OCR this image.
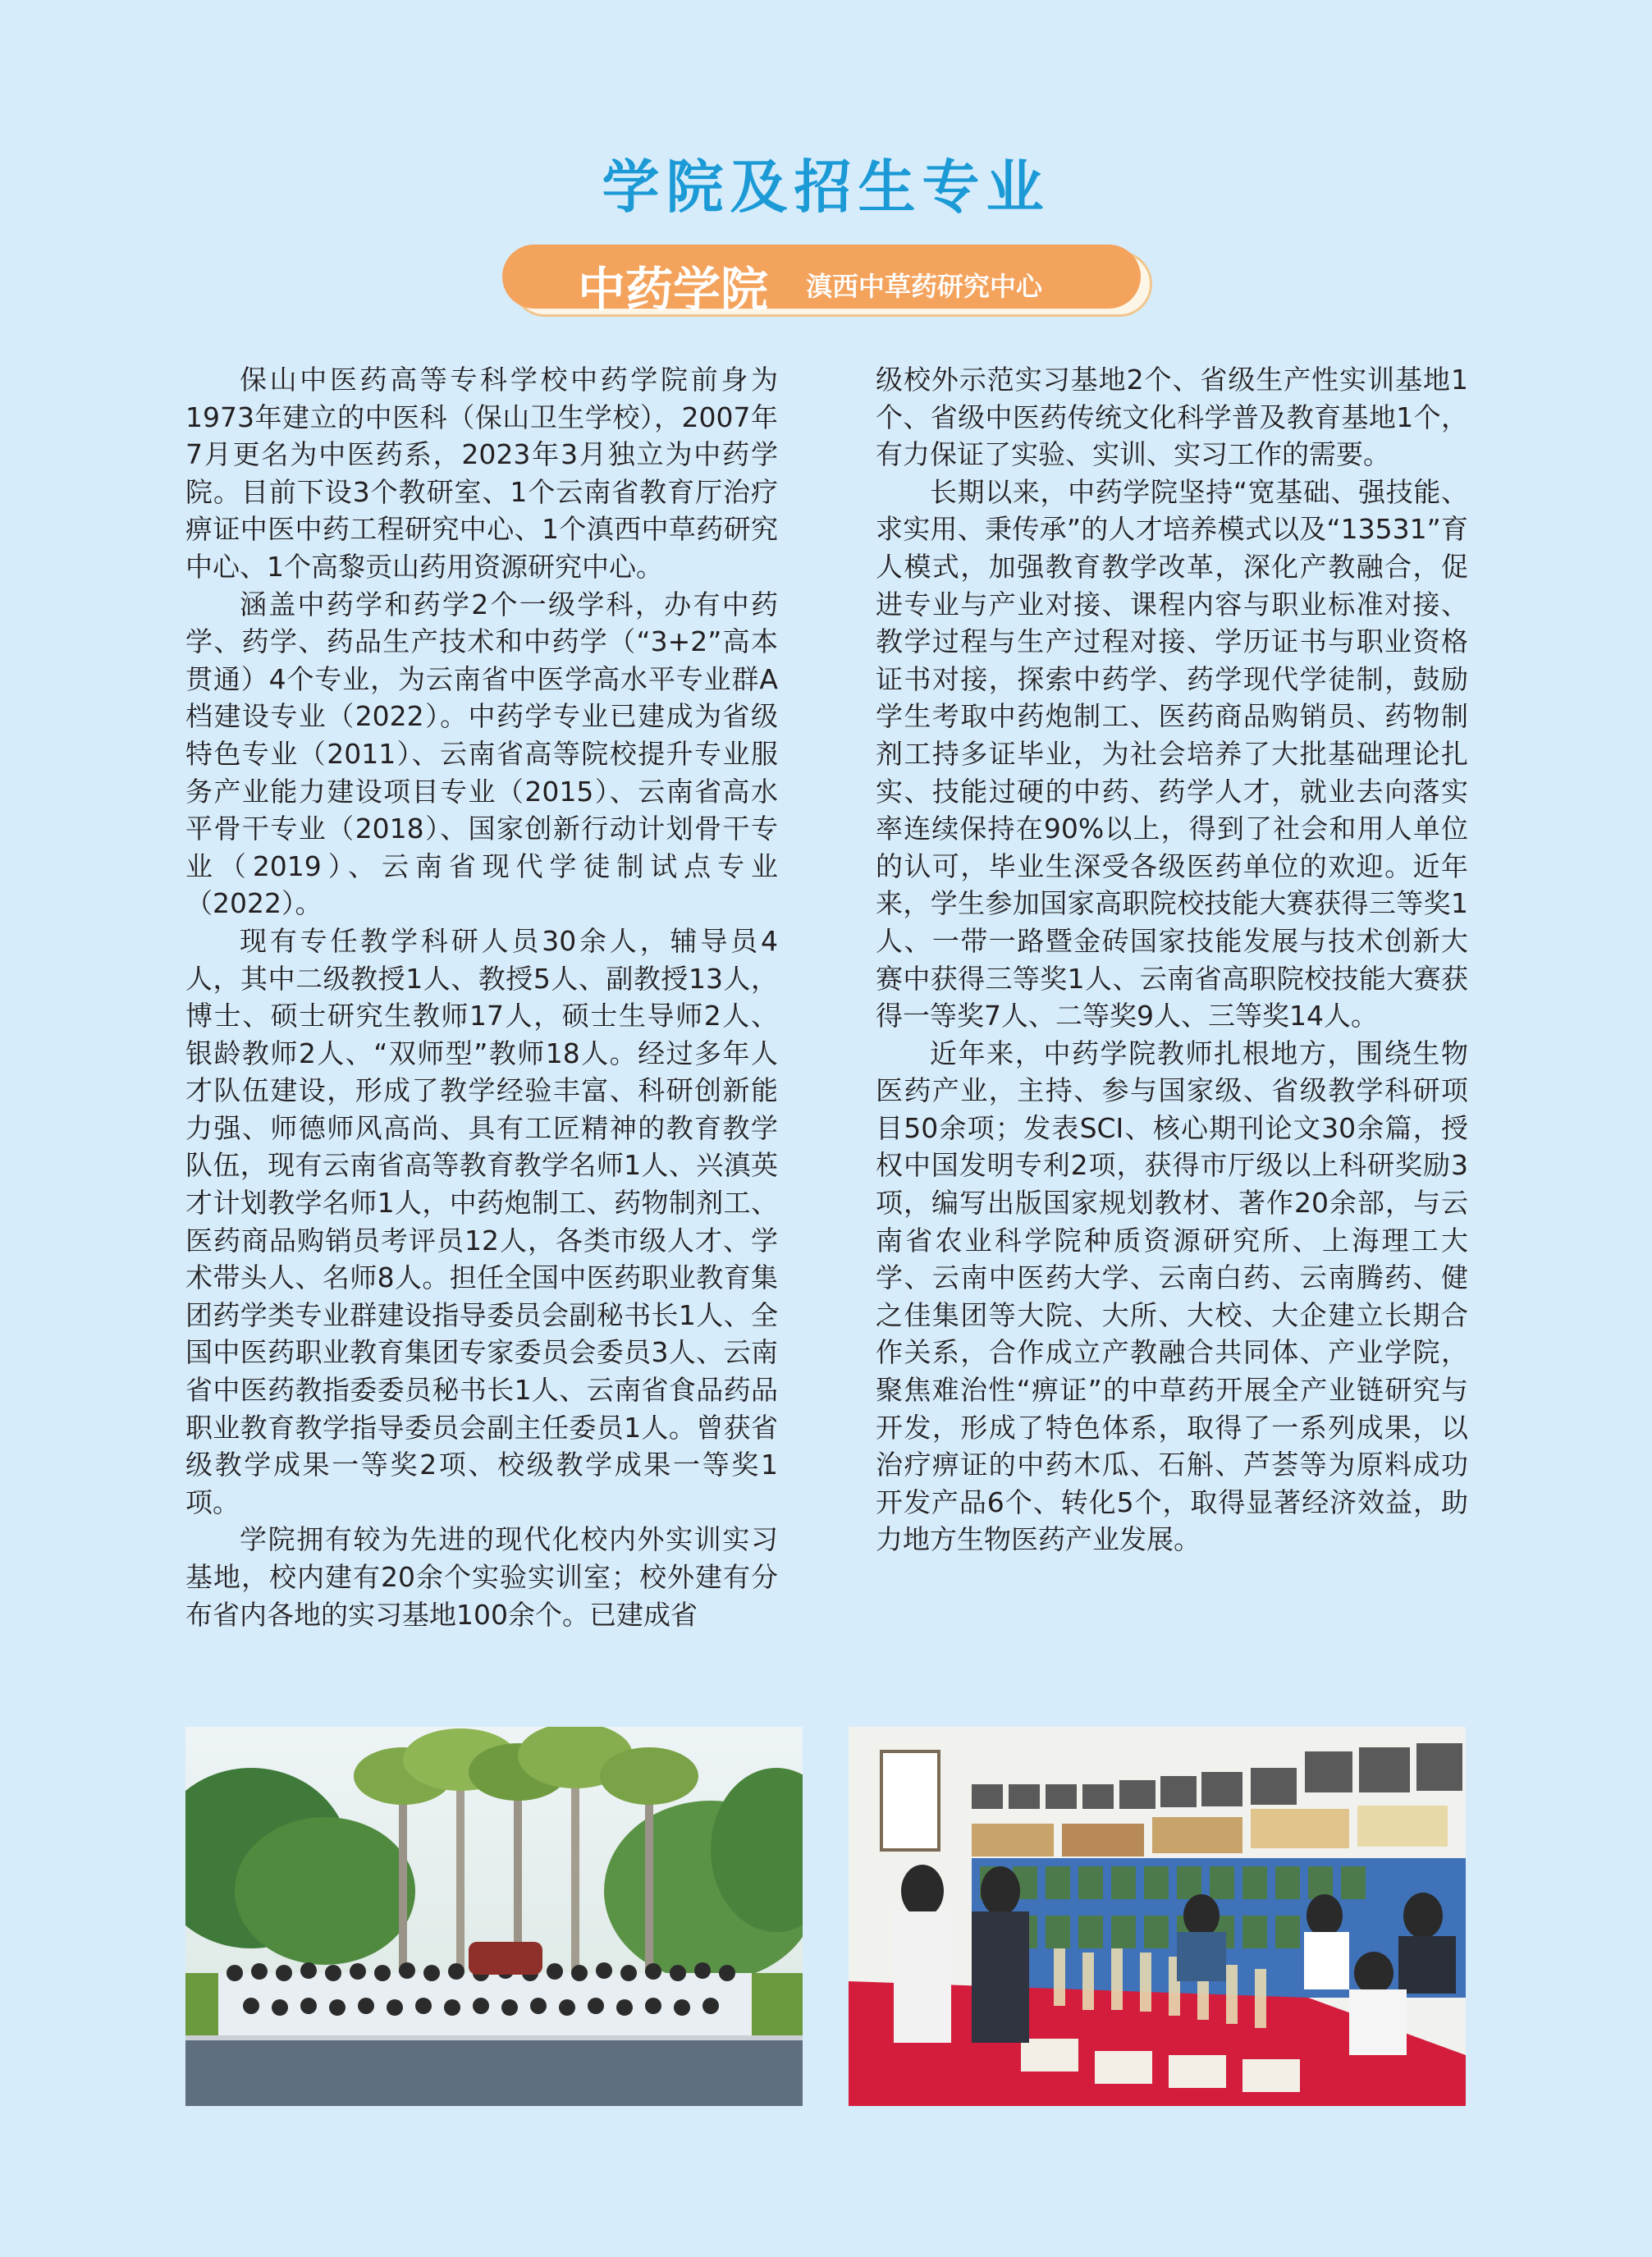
学院及招生专业
中药学院 滇西中草药研究中心

保山中医药高等专科学校中药学院前身为1973年建立的中医科（保山卫生学校），2007年7月更名为中医药系，2023年3月独立为中药学院。目前下设3个教研室、1个云南省教育厅治疗痹证中医中药工程研究中心、1个滇西中草药研究中心、1个高黎贡山药用资源研究中心。

涵盖中药学和药学2个一级学科，办有中药学、药学、药品生产技术和中药学（“3+2”高本贯通）4个专业，为云南省中医学高水平专业群A档建设专业（2022）。中药学专业已建成为省级特色专业（2011）、云南省高等院校提升专业服务产业能力建设项目专业（2015）、云南省高水平骨干专业（2018）、国家创新行动计划骨干专业（2019）、云南省现代学徒制试点专业（2022）。

现有专任教学科研人员30余人，辅导员4人，其中二级教授1人、教授5人、副教授13人，博士、硕士研究生教师17人，硕士生导师2人、银龄教师2人、“双师型”教师18人。经过多年人才队伍建设，形成了教学经验丰富、科研创新能力强、师德师风高尚、具有工匠精神的教育教学队伍，现有云南省高等教育教学名师1人、兴滇英才计划教学名师1人，中药炮制工、药物制剂工、医药商品购销员考评员12人，各类市级人才、学术带头人、名师8人。担任全国中医药职业教育集团药学类专业群建设指导委员会副秘书长1人、全国中医药职业教育集团专家委员会委员3人、云南省中医药教指委委员秘书长1人、云南省食品药品职业教育教学指导委员会副主任委员1人。曾获省级教学成果一等奖2项、校级教学成果一等奖1项。

学院拥有较为先进的现代化校内外实训实习基地，校内建有20余个实验实训室；校外建有分布省内各地的实习基地100余个。已建成省

级校外示范实习基地2个、省级生产性实训基地1个、省级中医药传统文化科学普及教育基地1个，有力保证了实验、实训、实习工作的需要。

长期以来，中药学院坚持“宽基础、强技能、求实用、秉传承”的人才培养模式以及“13531”育人模式，加强教育教学改革，深化产教融合，促进专业与产业对接、课程内容与职业标准对接、教学过程与生产过程对接、学历证书与职业资格证书对接，探索中药学、药学现代学徒制，鼓励学生考取中药炮制工、医药商品购销员、药物制剂工持多证毕业，为社会培养了大批基础理论扎实、技能过硬的中药、药学人才，就业去向落实率连续保持在90%以上，得到了社会和用人单位的认可，毕业生深受各级医药单位的欢迎。近年来，学生参加国家高职院校技能大赛获得三等奖1人、一带一路暨金砖国家技能发展与技术创新大赛中获得三等奖1人、云南省高职院校技能大赛获得一等奖7人、二等奖9人、三等奖14人。

近年来，中药学院教师扎根地方，围绕生物医药产业，主持、参与国家级、省级教学科研项目50余项；发表SCI、核心期刊论文30余篇，授权中国发明专利2项，获得市厅级以上科研奖励3项，编写出版国家规划教材、著作20余部，与云南省农业科学院种质资源研究所、上海理工大学、云南中医药大学、云南白药、云南腾药、健之佳集团等大院、大所、大校、大企建立长期合作关系，合作成立产教融合共同体、产业学院，聚焦难治性“痹证”的中草药开展全产业链研究与开发，形成了特色体系，取得了一系列成果，以治疗痹证的中药木瓜、石斛、芦荟等为原料成功开发产品6个、转化5个，取得显著经济效益，助力地方生物医药产业发展。
